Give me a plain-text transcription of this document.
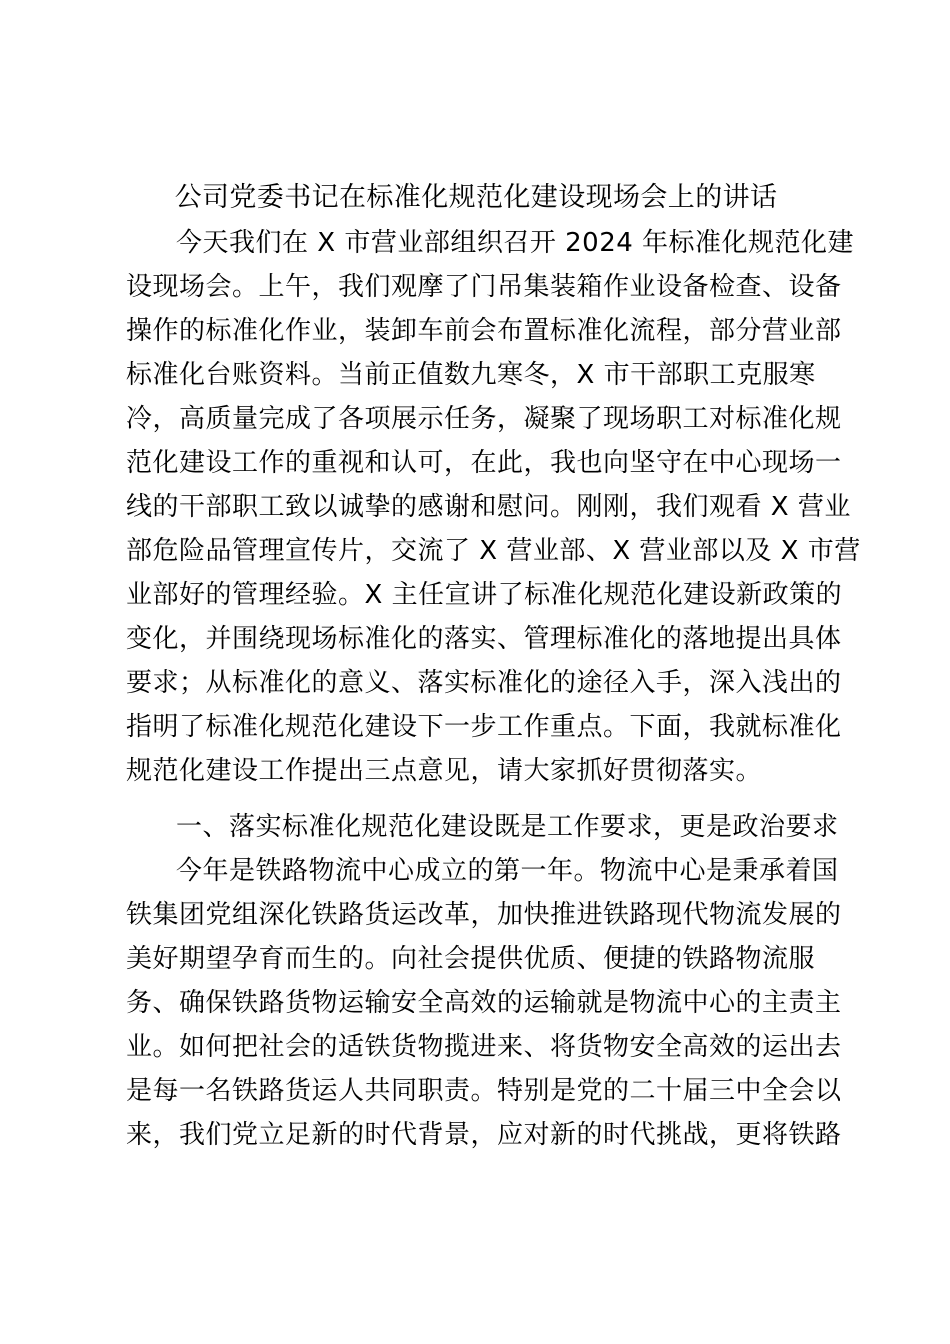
公司党委书记在标准化规范化建设现场会上的讲话

今天我们在 X 市营业部组织召开 2024 年标准化规范化建

设现场会。上午，我们观摩了门吊集装箱作业设备检查、设备

操作的标准化作业，装卸车前会布置标准化流程，部分营业部

标准化台账资料。当前正值数九寒冬，X 市干部职工克服寒

冷，高质量完成了各项展示任务，凝聚了现场职工对标准化规

范化建设工作的重视和认可，在此，我也向坚守在中心现场一

线的干部职工致以诚挚的感谢和慰问。刚刚，我们观看 X 营业

部危险品管理宣传片，交流了 X 营业部、X 营业部以及 X 市营

业部好的管理经验。X 主任宣讲了标准化规范化建设新政策的

变化，并围绕现场标准化的落实、管理标准化的落地提出具体

要求；从标准化的意义、落实标准化的途径入手，深入浅出的

指明了标准化规范化建设下一步工作重点。下面，我就标准化

规范化建设工作提出三点意见，请大家抓好贯彻落实。

一、落实标准化规范化建设既是工作要求，更是政治要求

今年是铁路物流中心成立的第一年。物流中心是秉承着国

铁集团党组深化铁路货运改革，加快推进铁路现代物流发展的

美好期望孕育而生的。向社会提供优质、便捷的铁路物流服

务、确保铁路货物运输安全高效的运输就是物流中心的主责主

业。如何把社会的适铁货物揽进来、将货物安全高效的运出去

是每一名铁路货运人共同职责。特别是党的二十届三中全会以

来，我们党立足新的时代背景，应对新的时代挑战，更将铁路
